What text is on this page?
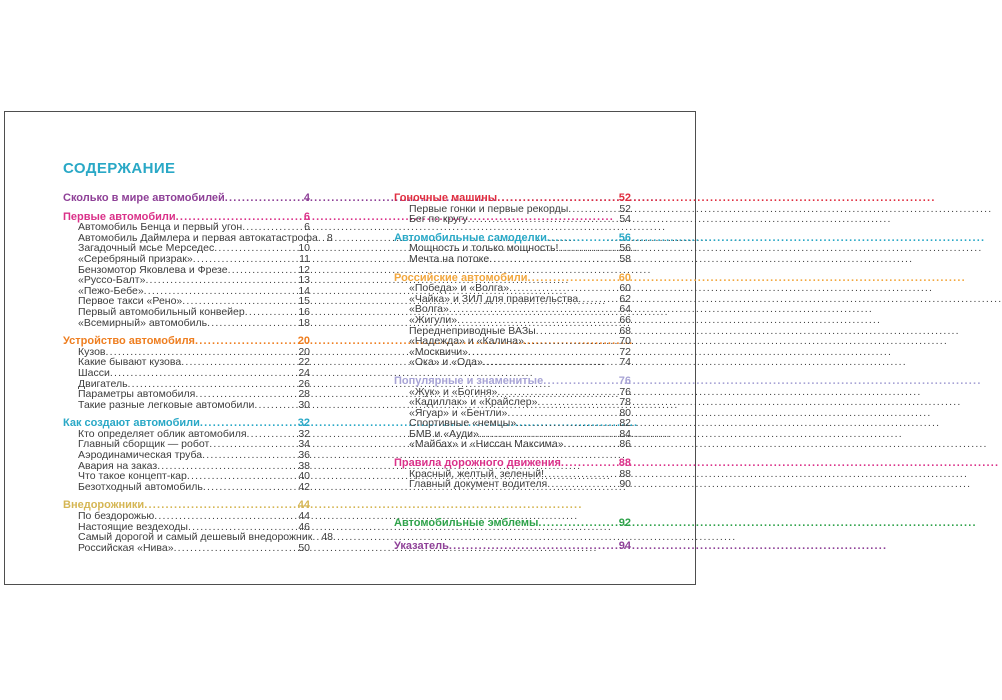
СОДЕРЖАНИЕ
Сколько в мире автомобилей .....	4
Первые автомобили .....	6
Автомобиль Бенца и первый угон .....	6
Автомобиль Даймлера и первая автокатастрофа ..... 8
Загадочный мсье Мерседес .....	10
«Серебряный призрак» .....	11
Бензомотор Яковлева и Фрезе .....	12
«Руссо-Балт» .....	13
«Пежо-Бебе» .....	14
Первое такси «Рено» .....	15
Первый автомобильный конвейер .....	16
«Всемирный» автомобиль .....	18
Устройство автомобиля .....	20
Кузов .....	20
Какие бывают кузова .....	22
Шасси .....	24
Двигатель .....	26
Параметры автомобиля .....	28
Такие разные легковые автомобили .....	30
Как создают автомобили .....	32
Кто определяет облик автомобиля .....	32
Главный сборщик — робот .....	34
Аэродинамическая труба .....	36
Авария на заказ .....	38
Что такое концепт-кар .....	40
Безотходный автомобиль .....	42
Внедорожники .....	44
По бездорожью .....	44
Настоящие вездеходы .....	46
Самый дорогой и самый дешевый внедорожник ..... 48
Российская «Нива» .....	50
Гоночные машины .....	52
Первые гонки и первые рекорды .....	52
Бег по кругу .....	54
Автомобильные самоделки .....	56
Мощность и только мощность! .....	56
Мечта на потоке .....	58
Российские автомобили .....	60
«Победа» и «Волга» .....	60
«Чайка» и ЗИЛ для правительства .....	62
«Волга» .....	64
«Жигули» .....	66
Переднеприводные ВАЗы .....	68
«Надежда» и «Калина» .....	70
«Москвичи» .....	72
«Ока» и «Ода» .....	74
Популярные и знаменитые .....	76
«Жук» и «Богиня» .....	76
«Кадиллак» и «Крайслер» .....	78
«Ягуар» и «Бентли» .....	80
Спортивные «немцы» .....	82
БМВ и «Ауди» .....	84
«Майбах» и «Ниссан Максима» .....	86
Правила дорожного движения .....	88
Красный, желтый, зеленый! .....	88
Главный документ водителя .....	90
Автомобильные эмблемы .....	92
Указатель .....	94
